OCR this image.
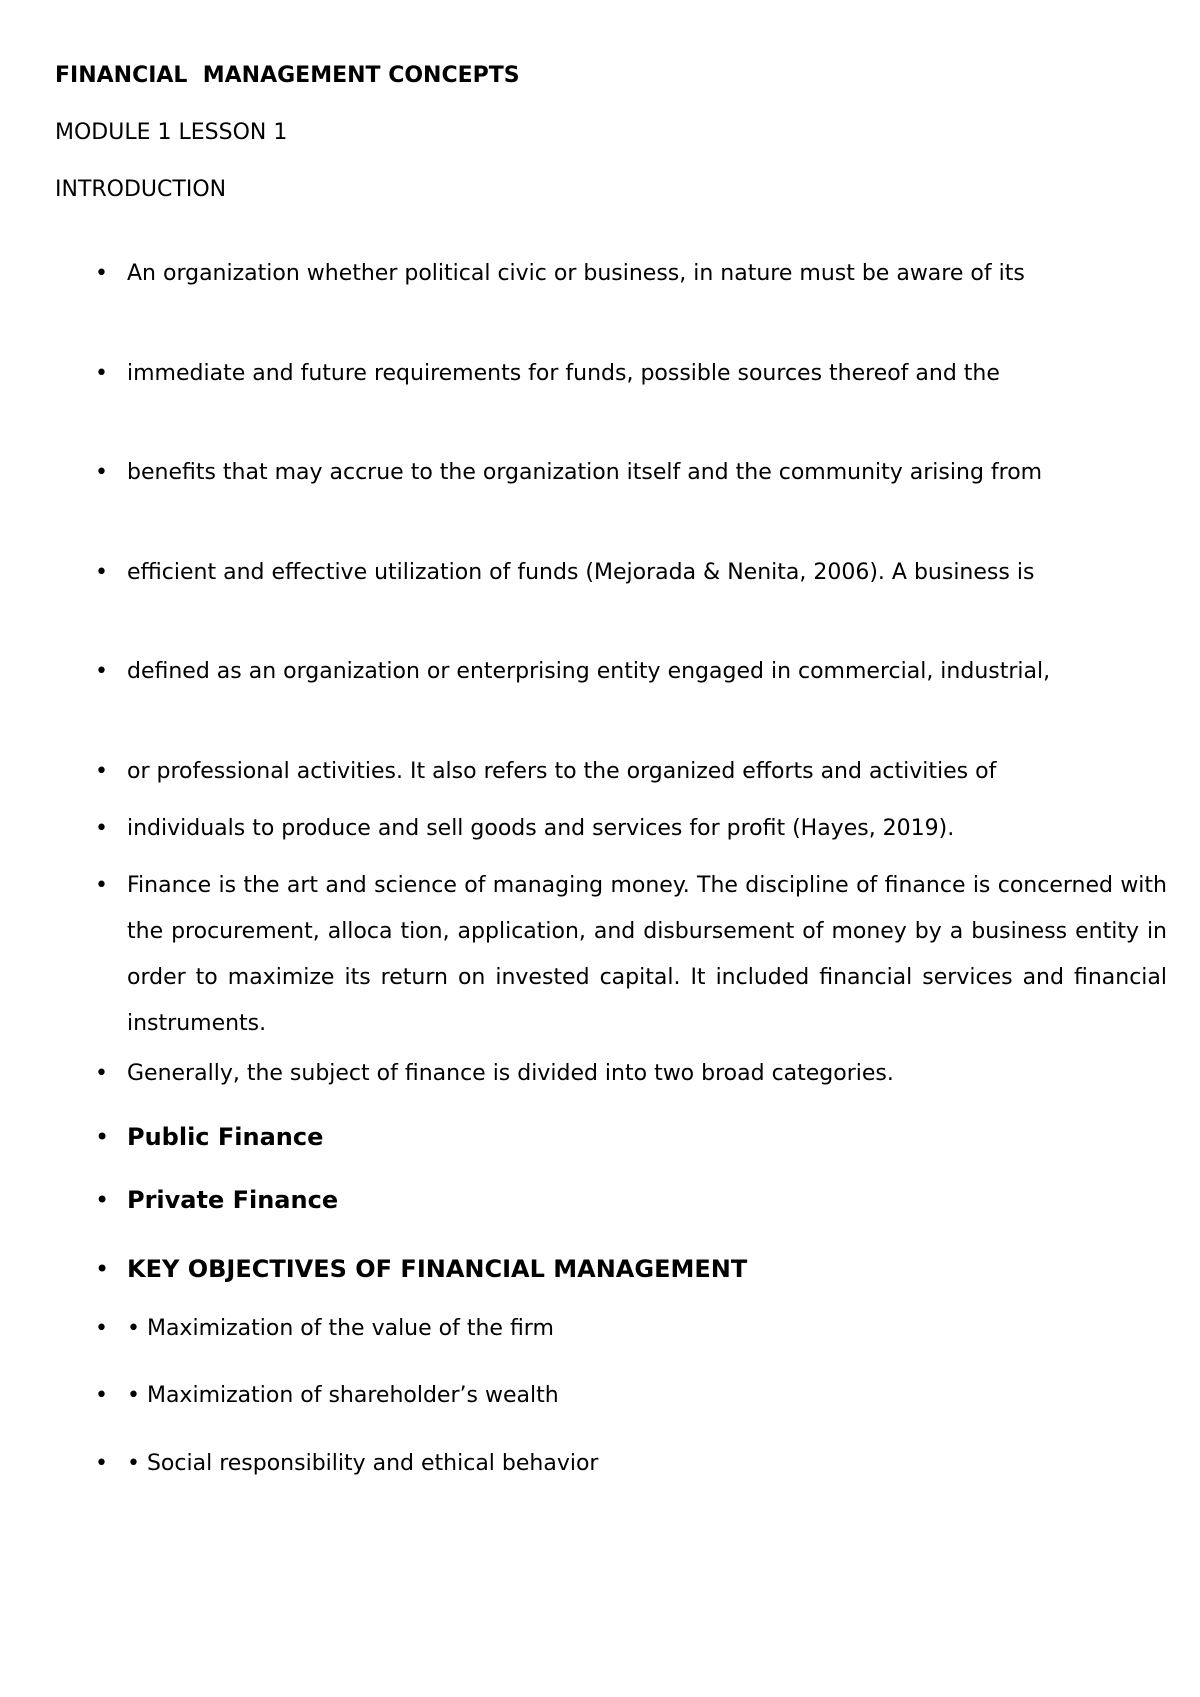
FINANCIAL  MANAGEMENT CONCEPTS

MODULE 1 LESSON 1

INTRODUCTION

• An organization whether political civic or business, in nature must be aware of its
• immediate and future requirements for funds, possible sources thereof and the
• benefits that may accrue to the organization itself and the community arising from
• efficient and effective utilization of funds (Mejorada & Nenita, 2006). A business is
• defined as an organization or enterprising entity engaged in commercial, industrial,
• or professional activities. It also refers to the organized efforts and activities of
• individuals to produce and sell goods and services for profit (Hayes, 2019).
• Finance is the art and science of managing money. The discipline of finance is concerned with the procurement, alloca tion, application, and disbursement of money by a business entity in order to maximize its return on invested capital. It included financial services and financial instruments.
• Generally, the subject of finance is divided into two broad categories.
• Public Finance
• Private Finance
• KEY OBJECTIVES OF FINANCIAL MANAGEMENT
• • Maximization of the value of the firm
• • Maximization of shareholder’s wealth
• • Social responsibility and ethical behavior
